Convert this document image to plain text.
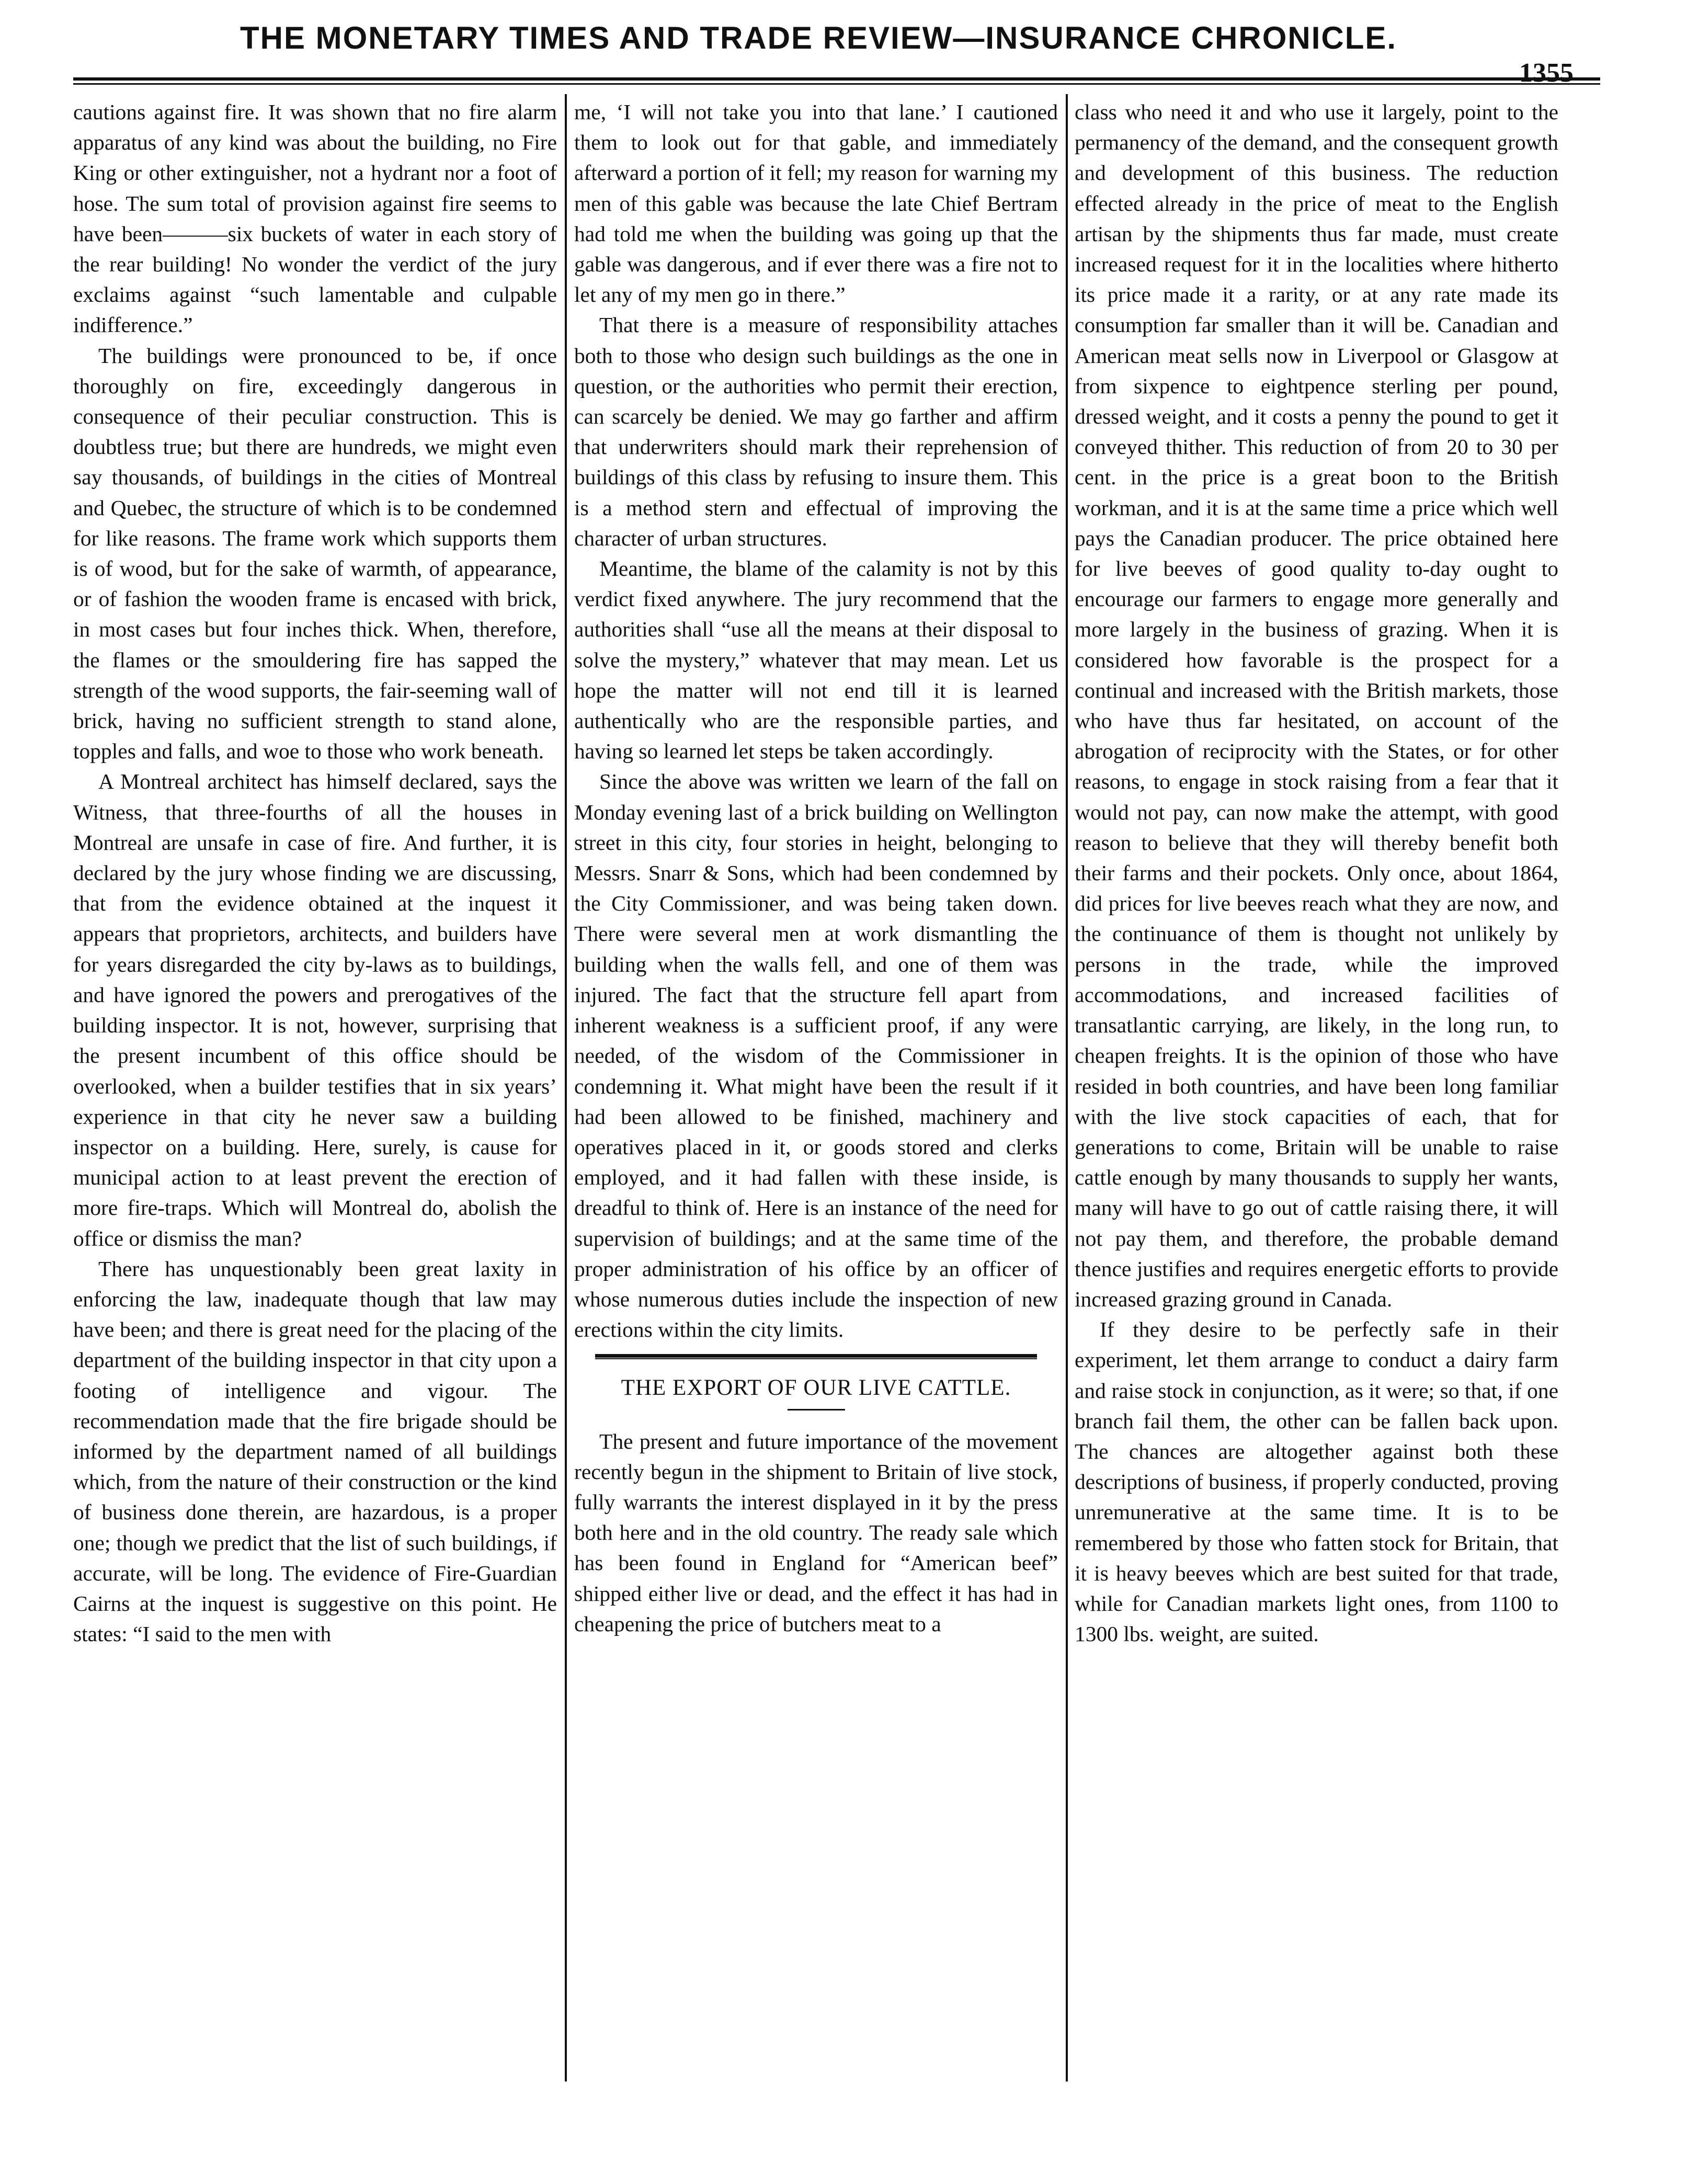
THE MONETARY TIMES AND TRADE REVIEW—INSURANCE CHRONICLE.
1355

cautions against fire. It was shown that no fire alarm apparatus of any kind was about the building, no Fire King or other extinguisher, not a hydrant nor a foot of hose. The sum total of provision against fire seems to have been———six buckets of water in each story of the rear building! No wonder the verdict of the jury exclaims against “such lamentable and culpable indifference.”

The buildings were pronounced to be, if once thoroughly on fire, exceedingly dangerous in consequence of their peculiar construction. This is doubtless true; but there are hundreds, we might even say thousands, of buildings in the cities of Montreal and Quebec, the structure of which is to be condemned for like reasons. The frame work which supports them is of wood, but for the sake of warmth, of appearance, or of fashion the wooden frame is encased with brick, in most cases but four inches thick. When, therefore, the flames or the smouldering fire has sapped the strength of the wood supports, the fair-seeming wall of brick, having no sufficient strength to stand alone, topples and falls, and woe to those who work beneath.

A Montreal architect has himself declared, says the Witness, that three-fourths of all the houses in Montreal are unsafe in case of fire. And further, it is declared by the jury whose finding we are discussing, that from the evidence obtained at the inquest it appears that proprietors, architects, and builders have for years disregarded the city by-laws as to buildings, and have ignored the powers and prerogatives of the building inspector. It is not, however, surprising that the present incumbent of this office should be overlooked, when a builder testifies that in six years’ experience in that city he never saw a building inspector on a building. Here, surely, is cause for municipal action to at least prevent the erection of more fire-traps. Which will Montreal do, abolish the office or dismiss the man?

There has unquestionably been great laxity in enforcing the law, inadequate though that law may have been; and there is great need for the placing of the department of the building inspector in that city upon a footing of intelligence and vigour. The recommendation made that the fire brigade should be informed by the department named of all buildings which, from the nature of their construction or the kind of business done therein, are hazardous, is a proper one; though we predict that the list of such buildings, if accurate, will be long. The evidence of Fire-Guardian Cairns at the inquest is suggestive on this point. He states: “I said to the men with

me, ‘I will not take you into that lane.’ I cautioned them to look out for that gable, and immediately afterward a portion of it fell; my reason for warning my men of this gable was because the late Chief Bertram had told me when the building was going up that the gable was dangerous, and if ever there was a fire not to let any of my men go in there.”

That there is a measure of responsibility attaches both to those who design such buildings as the one in question, or the authorities who permit their erection, can scarcely be denied. We may go farther and affirm that underwriters should mark their reprehension of buildings of this class by refusing to insure them. This is a method stern and effectual of improving the character of urban structures.

Meantime, the blame of the calamity is not by this verdict fixed anywhere. The jury recommend that the authorities shall “use all the means at their disposal to solve the mystery,” whatever that may mean. Let us hope the matter will not end till it is learned authentically who are the responsible parties, and having so learned let steps be taken accordingly.

Since the above was written we learn of the fall on Monday evening last of a brick building on Wellington street in this city, four stories in height, belonging to Messrs. Snarr & Sons, which had been condemned by the City Commissioner, and was being taken down. There were several men at work dismantling the building when the walls fell, and one of them was injured. The fact that the structure fell apart from inherent weakness is a sufficient proof, if any were needed, of the wisdom of the Commissioner in condemning it. What might have been the result if it had been allowed to be finished, machinery and operatives placed in it, or goods stored and clerks employed, and it had fallen with these inside, is dreadful to think of. Here is an instance of the need for supervision of buildings; and at the same time of the proper administration of his office by an officer of whose numerous duties include the inspection of new erections within the city limits.

THE EXPORT OF OUR LIVE CATTLE.

The present and future importance of the movement recently begun in the shipment to Britain of live stock, fully warrants the interest displayed in it by the press both here and in the old country. The ready sale which has been found in England for “American beef” shipped either live or dead, and the effect it has had in cheapening the price of butchers meat to a

class who need it and who use it largely, point to the permanency of the demand, and the consequent growth and development of this business. The reduction effected already in the price of meat to the English artisan by the shipments thus far made, must create increased request for it in the localities where hitherto its price made it a rarity, or at any rate made its consumption far smaller than it will be. Canadian and American meat sells now in Liverpool or Glasgow at from sixpence to eightpence sterling per pound, dressed weight, and it costs a penny the pound to get it conveyed thither. This reduction of from 20 to 30 per cent. in the price is a great boon to the British workman, and it is at the same time a price which well pays the Canadian producer. The price obtained here for live beeves of good quality to-day ought to encourage our farmers to engage more generally and more largely in the business of grazing. When it is considered how favorable is the prospect for a continual and increased with the British markets, those who have thus far hesitated, on account of the abrogation of reciprocity with the States, or for other reasons, to engage in stock raising from a fear that it would not pay, can now make the attempt, with good reason to believe that they will thereby benefit both their farms and their pockets. Only once, about 1864, did prices for live beeves reach what they are now, and the continuance of them is thought not unlikely by persons in the trade, while the improved accommodations, and increased facilities of transatlantic carrying, are likely, in the long run, to cheapen freights. It is the opinion of those who have resided in both countries, and have been long familiar with the live stock capacities of each, that for generations to come, Britain will be unable to raise cattle enough by many thousands to supply her wants, many will have to go out of cattle raising there, it will not pay them, and therefore, the probable demand thence justifies and requires energetic efforts to provide increased grazing ground in Canada.

If they desire to be perfectly safe in their experiment, let them arrange to conduct a dairy farm and raise stock in conjunction, as it were; so that, if one branch fail them, the other can be fallen back upon. The chances are altogether against both these descriptions of business, if properly conducted, proving unremunerative at the same time. It is to be remembered by those who fatten stock for Britain, that it is heavy beeves which are best suited for that trade, while for Canadian markets light ones, from 1100 to 1300 lbs. weight, are suited.
